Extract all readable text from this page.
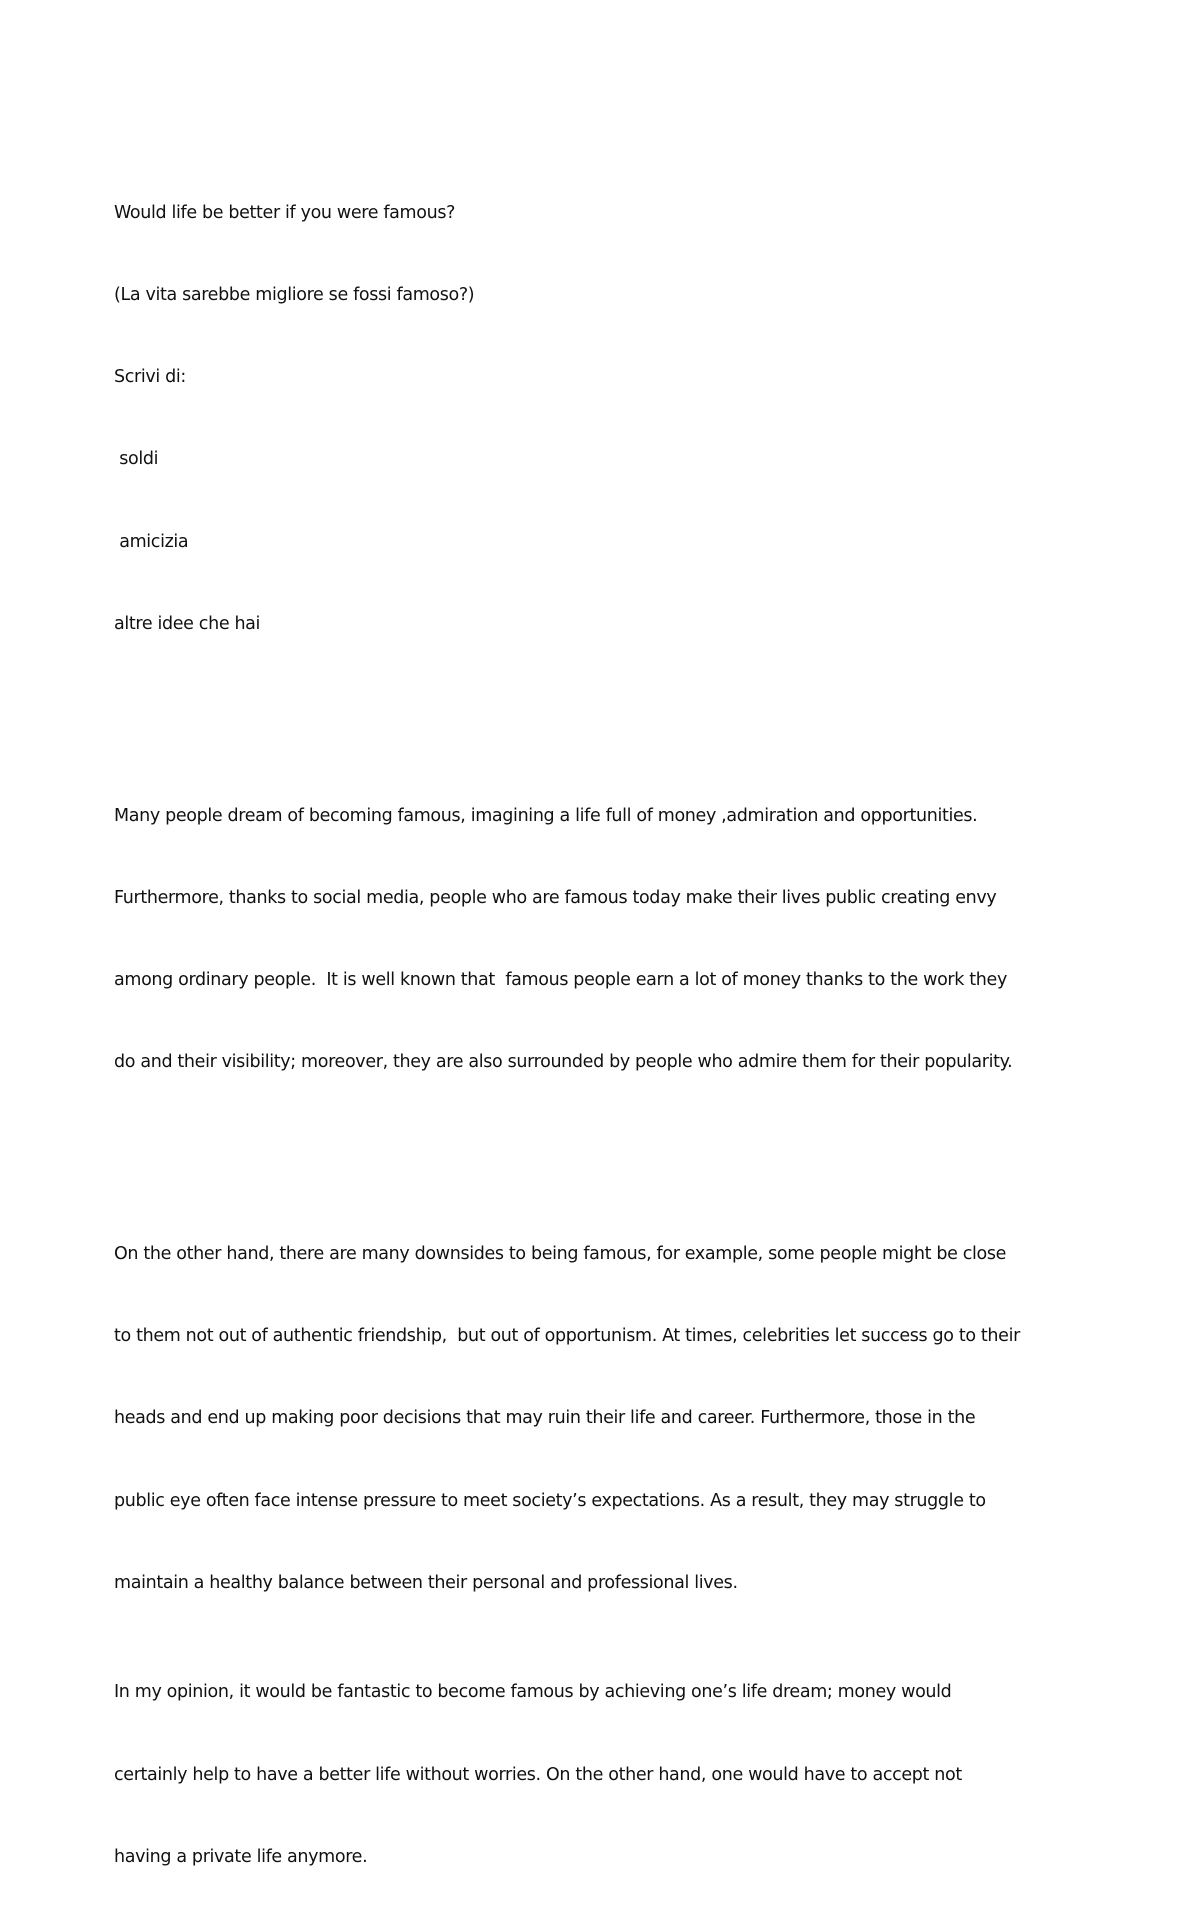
Would life be better if you were famous?

(La vita sarebbe migliore se fossi famoso?)

Scrivi di:

soldi

amicizia

altre idee che hai

Many people dream of becoming famous, imagining a life full of money ,admiration and opportunities.

Furthermore, thanks to social media, people who are famous today make their lives public creating envy

among ordinary people.  It is well known that  famous people earn a lot of money thanks to the work they

do and their visibility; moreover, they are also surrounded by people who admire them for their popularity.

On the other hand, there are many downsides to being famous, for example, some people might be close

to them not out of authentic friendship,  but out of opportunism. At times, celebrities let success go to their

heads and end up making poor decisions that may ruin their life and career. Furthermore, those in the

public eye often face intense pressure to meet society’s expectations. As a result, they may struggle to

maintain a healthy balance between their personal and professional lives.

In my opinion, it would be fantastic to become famous by achieving one’s life dream; money would

certainly help to have a better life without worries. On the other hand, one would have to accept not

having a private life anymore.
